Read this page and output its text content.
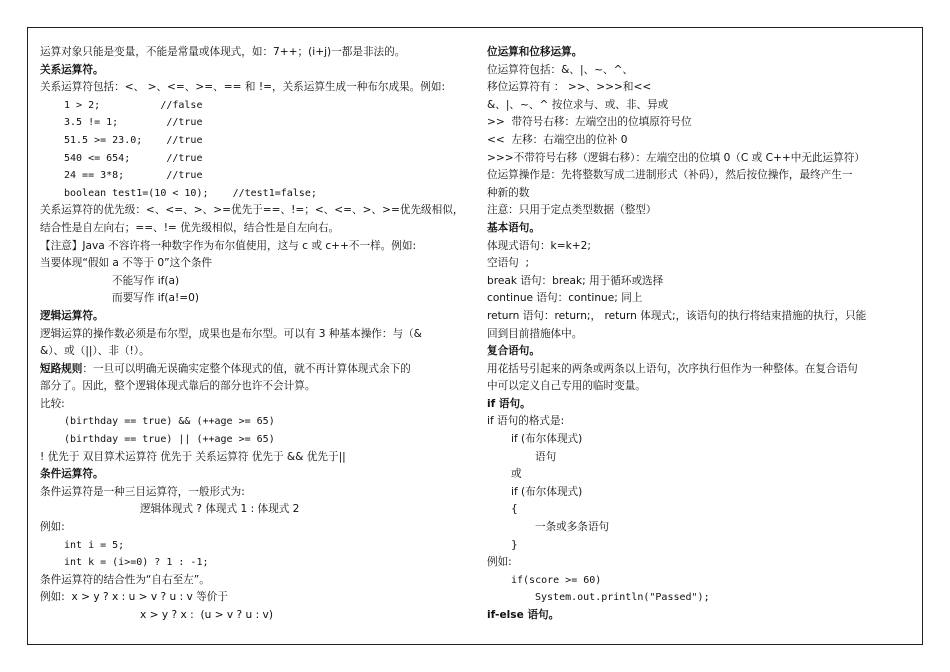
运算对象只能是变量，不能是常量或体现式，如：7++；(i+j)一都是非法的。
关系运算符。
关系运算符包括：<、 >、<=、>=、== 和 !=，关系运算生成一种布尔成果。例如:
1 > 2;          //false
3.5 != 1;        //true
51.5 >= 23.0;    //true
540 <= 654;      //true
24 == 3*8;       //true
boolean test1=(10 < 10);    //test1=false;
关系运算符的优先级：<、<=、>、>=优先于==、!=；<、<=、>、>=优先级相似，
结合性是自左向右；==、!= 优先级相似，结合性是自左向右。
【注意】Java 不容许将一种数字作为布尔值使用，这与 c 或 c++不一样。例如:
当要体现“假如 a 不等于 0”这个条件
不能写作 if(a)
而要写作 if(a!=0)
逻辑运算符。
逻辑运算的操作数必须是布尔型，成果也是布尔型。可以有 3 种基本操作：与（&
&）、或（||）、非（!）。
短路规则：一旦可以明确无误确实定整个体现式的值，就不再计算体现式余下的
部分了。因此，整个逻辑体现式靠后的部分也许不会计算。
比较:
(birthday == true) && (++age >= 65)
(birthday == true) || (++age >= 65)
! 优先于 双目算术运算符 优先于 关系运算符 优先于 && 优先于||
条件运算符。
条件运算符是一种三目运算符，一般形式为:
逻辑体现式 ? 体现式 1 : 体现式 2
例如:
int i = 5;
int k = (i>=0) ? 1 : -1;
条件运算符的结合性为“自右至左”。
例如:  x > y ? x : u > v ? u : v 等价于
x > y ? x :  (u > v ? u : v)
位运算和位移运算。
位运算符包括：&、|、~、^、
移位运算符有 ： >>、>>>和<<
&、|、~、^ 按位求与、或、非、异或
>>  带符号右移：左端空出的位填原符号位
<<  左移：右端空出的位补 0
>>>不带符号右移（逻辑右移）：左端空出的位填 0（C 或 C++中无此运算符）
位运算操作是：先将整数写成二进制形式（补码），然后按位操作，最终产生一
种新的数
注意：只用于定点类型数据（整型）
基本语句。
体现式语句：k=k+2;
空语句  ;
break 语句：break; 用于循环或选择
continue 语句：continue; 同上
return 语句：return;， return 体现式;，该语句的执行将结束措施的执行，只能
回到目前措施体中。
复合语句。
用花括号引起来的两条或两条以上语句，次序执行但作为一种整体。在复合语句
中可以定义自己专用的临时变量。
if 语句。
if 语句的格式是:
if (布尔体现式)
语句
或
if (布尔体现式)
{
一条或多条语句
}
例如:
if(score >= 60)
System.out.println("Passed");
if-else 语句。
